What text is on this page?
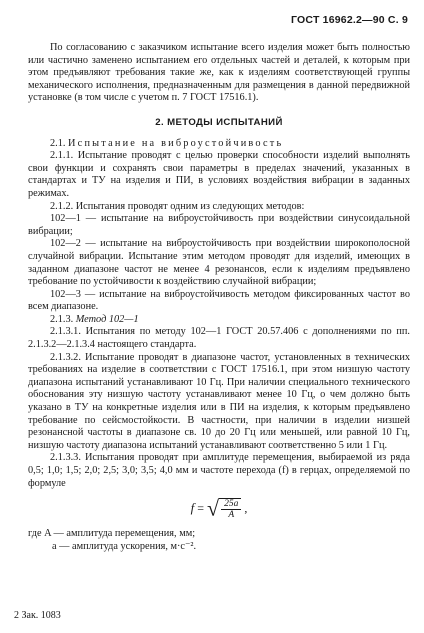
ГОСТ 16962.2—90 С. 9

По согласованию с заказчиком испытание всего изделия может быть полностью или частично заменено испытанием его отдельных частей и деталей, к которым при этом предъявляют требования такие же, как к изделиям соответствующей группы механического исполнения, предназначенным для размещения в данной передвижной установке (в том числе с учетом п. 7 ГОСТ 17516.1).

2. МЕТОДЫ ИСПЫТАНИЙ

2.1. Испытание на виброустойчивость

2.1.1. Испытание проводят с целью проверки способности изделий выполнять свои функции и сохранять свои параметры в пределах значений, указанных в стандартах и ТУ на изделия и ПИ, в условиях воздействия вибрации в заданных режимах.

2.1.2. Испытания проводят одним из следующих методов:

102—1 — испытание на виброустойчивость при воздействии синусоидальной вибрации;

102—2 — испытание на виброустойчивость при воздействии широкополосной случайной вибрации. Испытание этим методом проводят для изделий, имеющих в заданном диапазоне частот не менее 4 резонансов, если к изделиям предъявлено требование по устойчивости к воздействию случайной вибрации;

102—3 — испытание на виброустойчивость методом фиксированных частот во всем диапазоне.

2.1.3. Метод 102—1

2.1.3.1. Испытания по методу 102—1 ГОСТ 20.57.406 с дополнениями по пп. 2.1.3.2—2.1.3.4 настоящего стандарта.

2.1.3.2. Испытание проводят в диапазоне частот, установленных в технических требованиях на изделие в соответствии с ГОСТ 17516.1, при этом низшую частоту диапазона испытаний устанавливают 10 Гц. При наличии специального технического обоснования эту низшую частоту устанавливают менее 10 Гц, о чем должно быть указано в ТУ на конкретные изделия или в ПИ на изделия, к которым предъявлено требование по сейсмостойкости. В частности, при наличии в изделии низшей резонансной частоты в диапазоне св. 10 до 20 Гц или меньшей, или равной 10 Гц, низшую частоту диапазона испытаний устанавливают соответственно 5 или 1 Гц.

2.1.3.3. Испытания проводят при амплитуде перемещения, выбираемой из ряда 0,5; 1,0; 1,5; 2,0; 2,5; 3,0; 3,5; 4,0 мм и частоте перехода (f) в герцах, определяемой по формуле

f = √ $\frac{25a}{A}$ ,

где A — амплитуда перемещения, мм;

a — амплитуда ускорения, м·с⁻².

2 Зак. 1083
